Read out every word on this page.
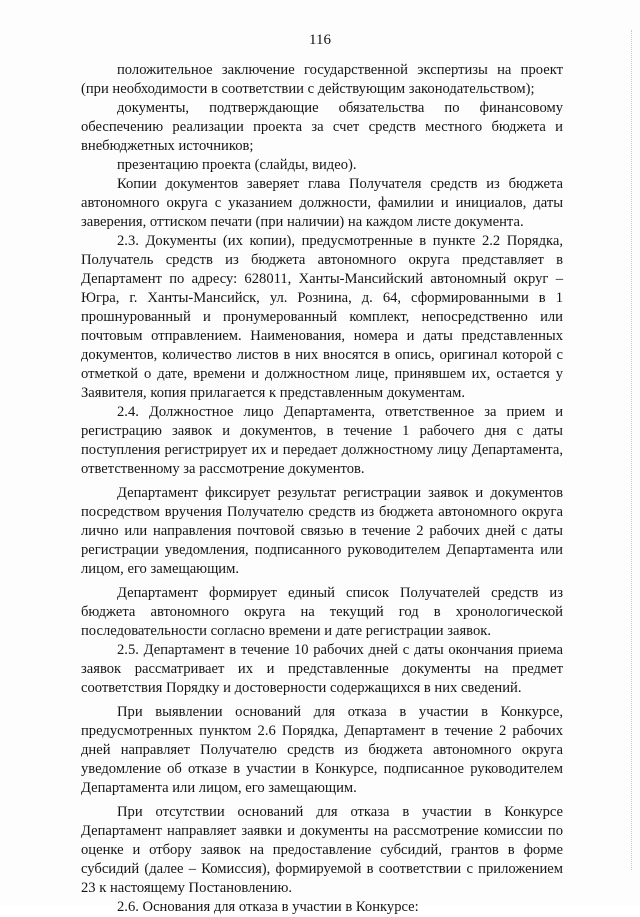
116

положительное заключение государственной экспертизы на проект (при необходимости в соответствии с действующим законодательством);

документы, подтверждающие обязательства по финансовому обеспечению реализации проекта за счет средств местного бюджета и внебюджетных источников;

презентацию проекта (слайды, видео).

Копии документов заверяет глава Получателя средств из бюджета автономного округа с указанием должности, фамилии и инициалов, даты заверения, оттиском печати (при наличии) на каждом листе документа.

2.3. Документы (их копии), предусмотренные в пункте 2.2 Порядка, Получатель средств из бюджета автономного округа представляет в Департамент по адресу: 628011, Ханты-Мансийский автономный округ – Югра, г. Ханты-Мансийск, ул. Рознина, д. 64, сформированными в 1 прошнурованный и пронумерованный комплект, непосредственно или почтовым отправлением. Наименования, номера и даты представленных документов, количество листов в них вносятся в опись, оригинал которой с отметкой о дате, времени и должностном лице, принявшем их, остается у Заявителя, копия прилагается к представленным документам.

2.4. Должностное лицо Департамента, ответственное за прием и регистрацию заявок и документов, в течение 1 рабочего дня с даты поступления регистрирует их и передает должностному лицу Департамента, ответственному за рассмотрение документов.

Департамент фиксирует результат регистрации заявок и документов посредством вручения Получателю средств из бюджета автономного округа лично или направления почтовой связью в течение 2 рабочих дней с даты регистрации уведомления, подписанного руководителем Департамента или лицом, его замещающим.

Департамент формирует единый список Получателей средств из бюджета автономного округа на текущий год в хронологической последовательности согласно времени и дате регистрации заявок.

2.5. Департамент в течение 10 рабочих дней с даты окончания приема заявок рассматривает их и представленные документы на предмет соответствия Порядку и достоверности содержащихся в них сведений.

При выявлении оснований для отказа в участии в Конкурсе, предусмотренных пунктом 2.6 Порядка, Департамент в течение 2 рабочих дней направляет Получателю средств из бюджета автономного округа уведомление об отказе в участии в Конкурсе, подписанное руководителем Департамента или лицом, его замещающим.

При отсутствии оснований для отказа в участии в Конкурсе Департамент направляет заявки и документы на рассмотрение комиссии по оценке и отбору заявок на предоставление субсидий, грантов в форме субсидий (далее – Комиссия), формируемой в соответствии с приложением 23 к настоящему Постановлению.

2.6. Основания для отказа в участии в Конкурсе:
